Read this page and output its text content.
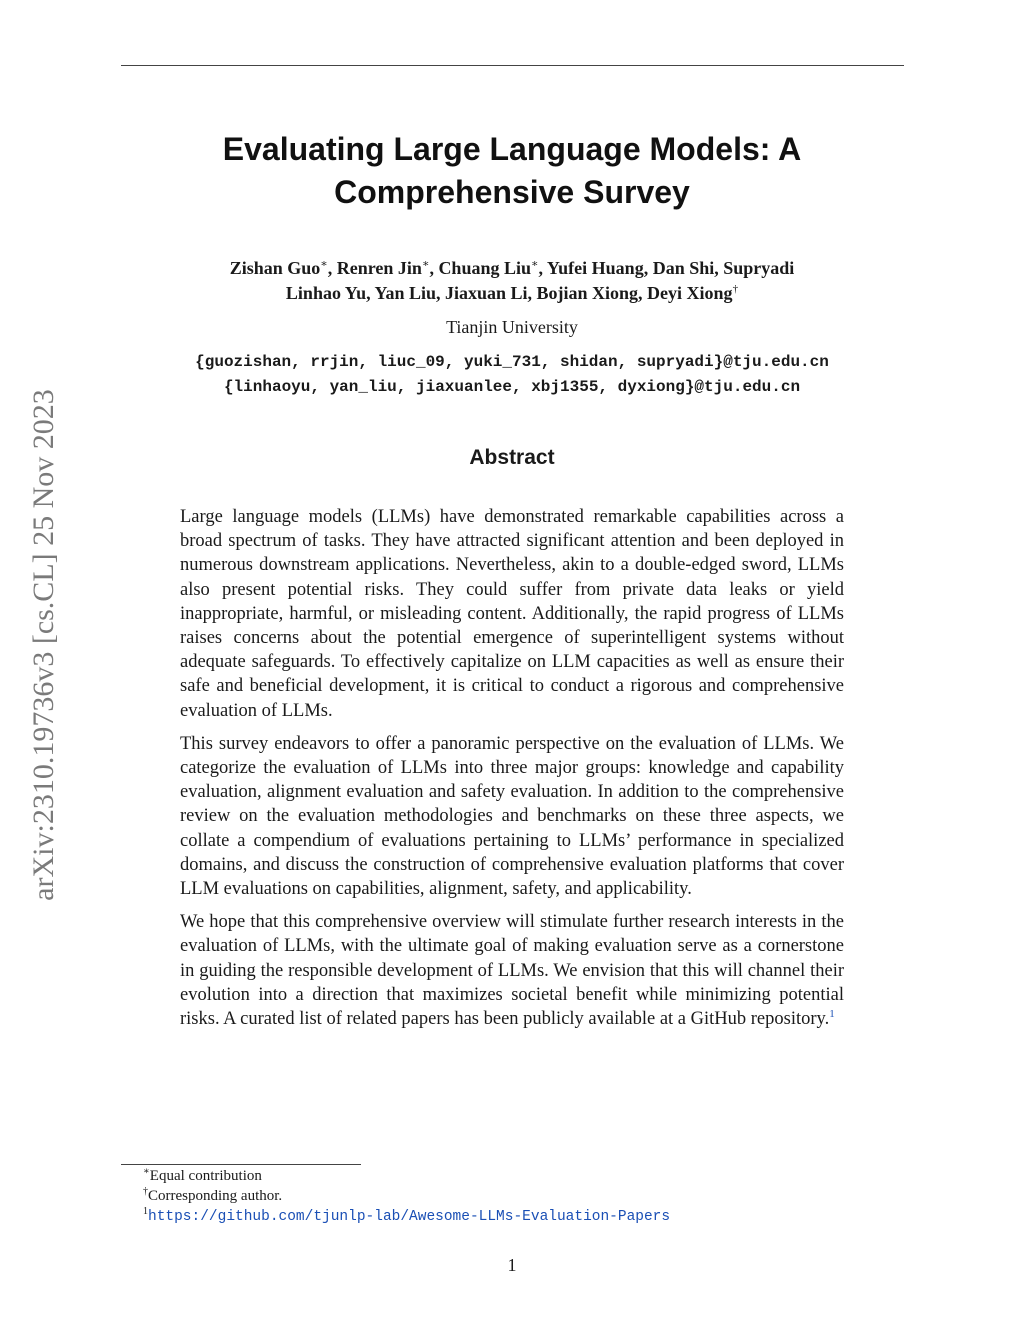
arXiv:2310.19736v3 [cs.CL] 25 Nov 2023
Evaluating Large Language Models: A
Comprehensive Survey
Zishan Guo∗, Renren Jin∗, Chuang Liu∗, Yufei Huang, Dan Shi, Supryadi
Linhao Yu, Yan Liu, Jiaxuan Li, Bojian Xiong, Deyi Xiong†
Tianjin University
{guozishan, rrjin, liuc_09, yuki_731, shidan, supryadi}@tju.edu.cn
{linhaoyu, yan_liu, jiaxuanlee, xbj1355, dyxiong}@tju.edu.cn
Abstract

Large language models (LLMs) have demonstrated remarkable capabilities across a broad spectrum of tasks. They have attracted significant attention and been deployed in numerous downstream applications. Nevertheless, akin to a double-edged sword, LLMs also present potential risks. They could suffer from private data leaks or yield inappropriate, harmful, or misleading content. Additionally, the rapid progress of LLMs raises concerns about the potential emergence of superintelligent systems without adequate safeguards. To effectively capitalize on LLM capacities as well as ensure their safe and beneficial development, it is critical to conduct a rigorous and comprehensive evaluation of LLMs.

This survey endeavors to offer a panoramic perspective on the evaluation of LLMs. We categorize the evaluation of LLMs into three major groups: knowledge and capability evaluation, alignment evaluation and safety evaluation. In addition to the comprehensive review on the evaluation methodologies and benchmarks on these three aspects, we collate a compendium of evaluations pertaining to LLMs’ performance in specialized domains, and discuss the construction of comprehensive evaluation platforms that cover LLM evaluations on capabilities, alignment, safety, and applicability.

We hope that this comprehensive overview will stimulate further research interests in the evaluation of LLMs, with the ultimate goal of making evaluation serve as a cornerstone in guiding the responsible development of LLMs. We envision that this will channel their evolution into a direction that maximizes societal benefit while minimizing potential risks. A curated list of related papers has been publicly available at a GitHub repository.$^1$

∗Equal contribution
†Corresponding author.
$^1$https://github.com/tjunlp-lab/Awesome-LLMs-Evaluation-Papers
1
